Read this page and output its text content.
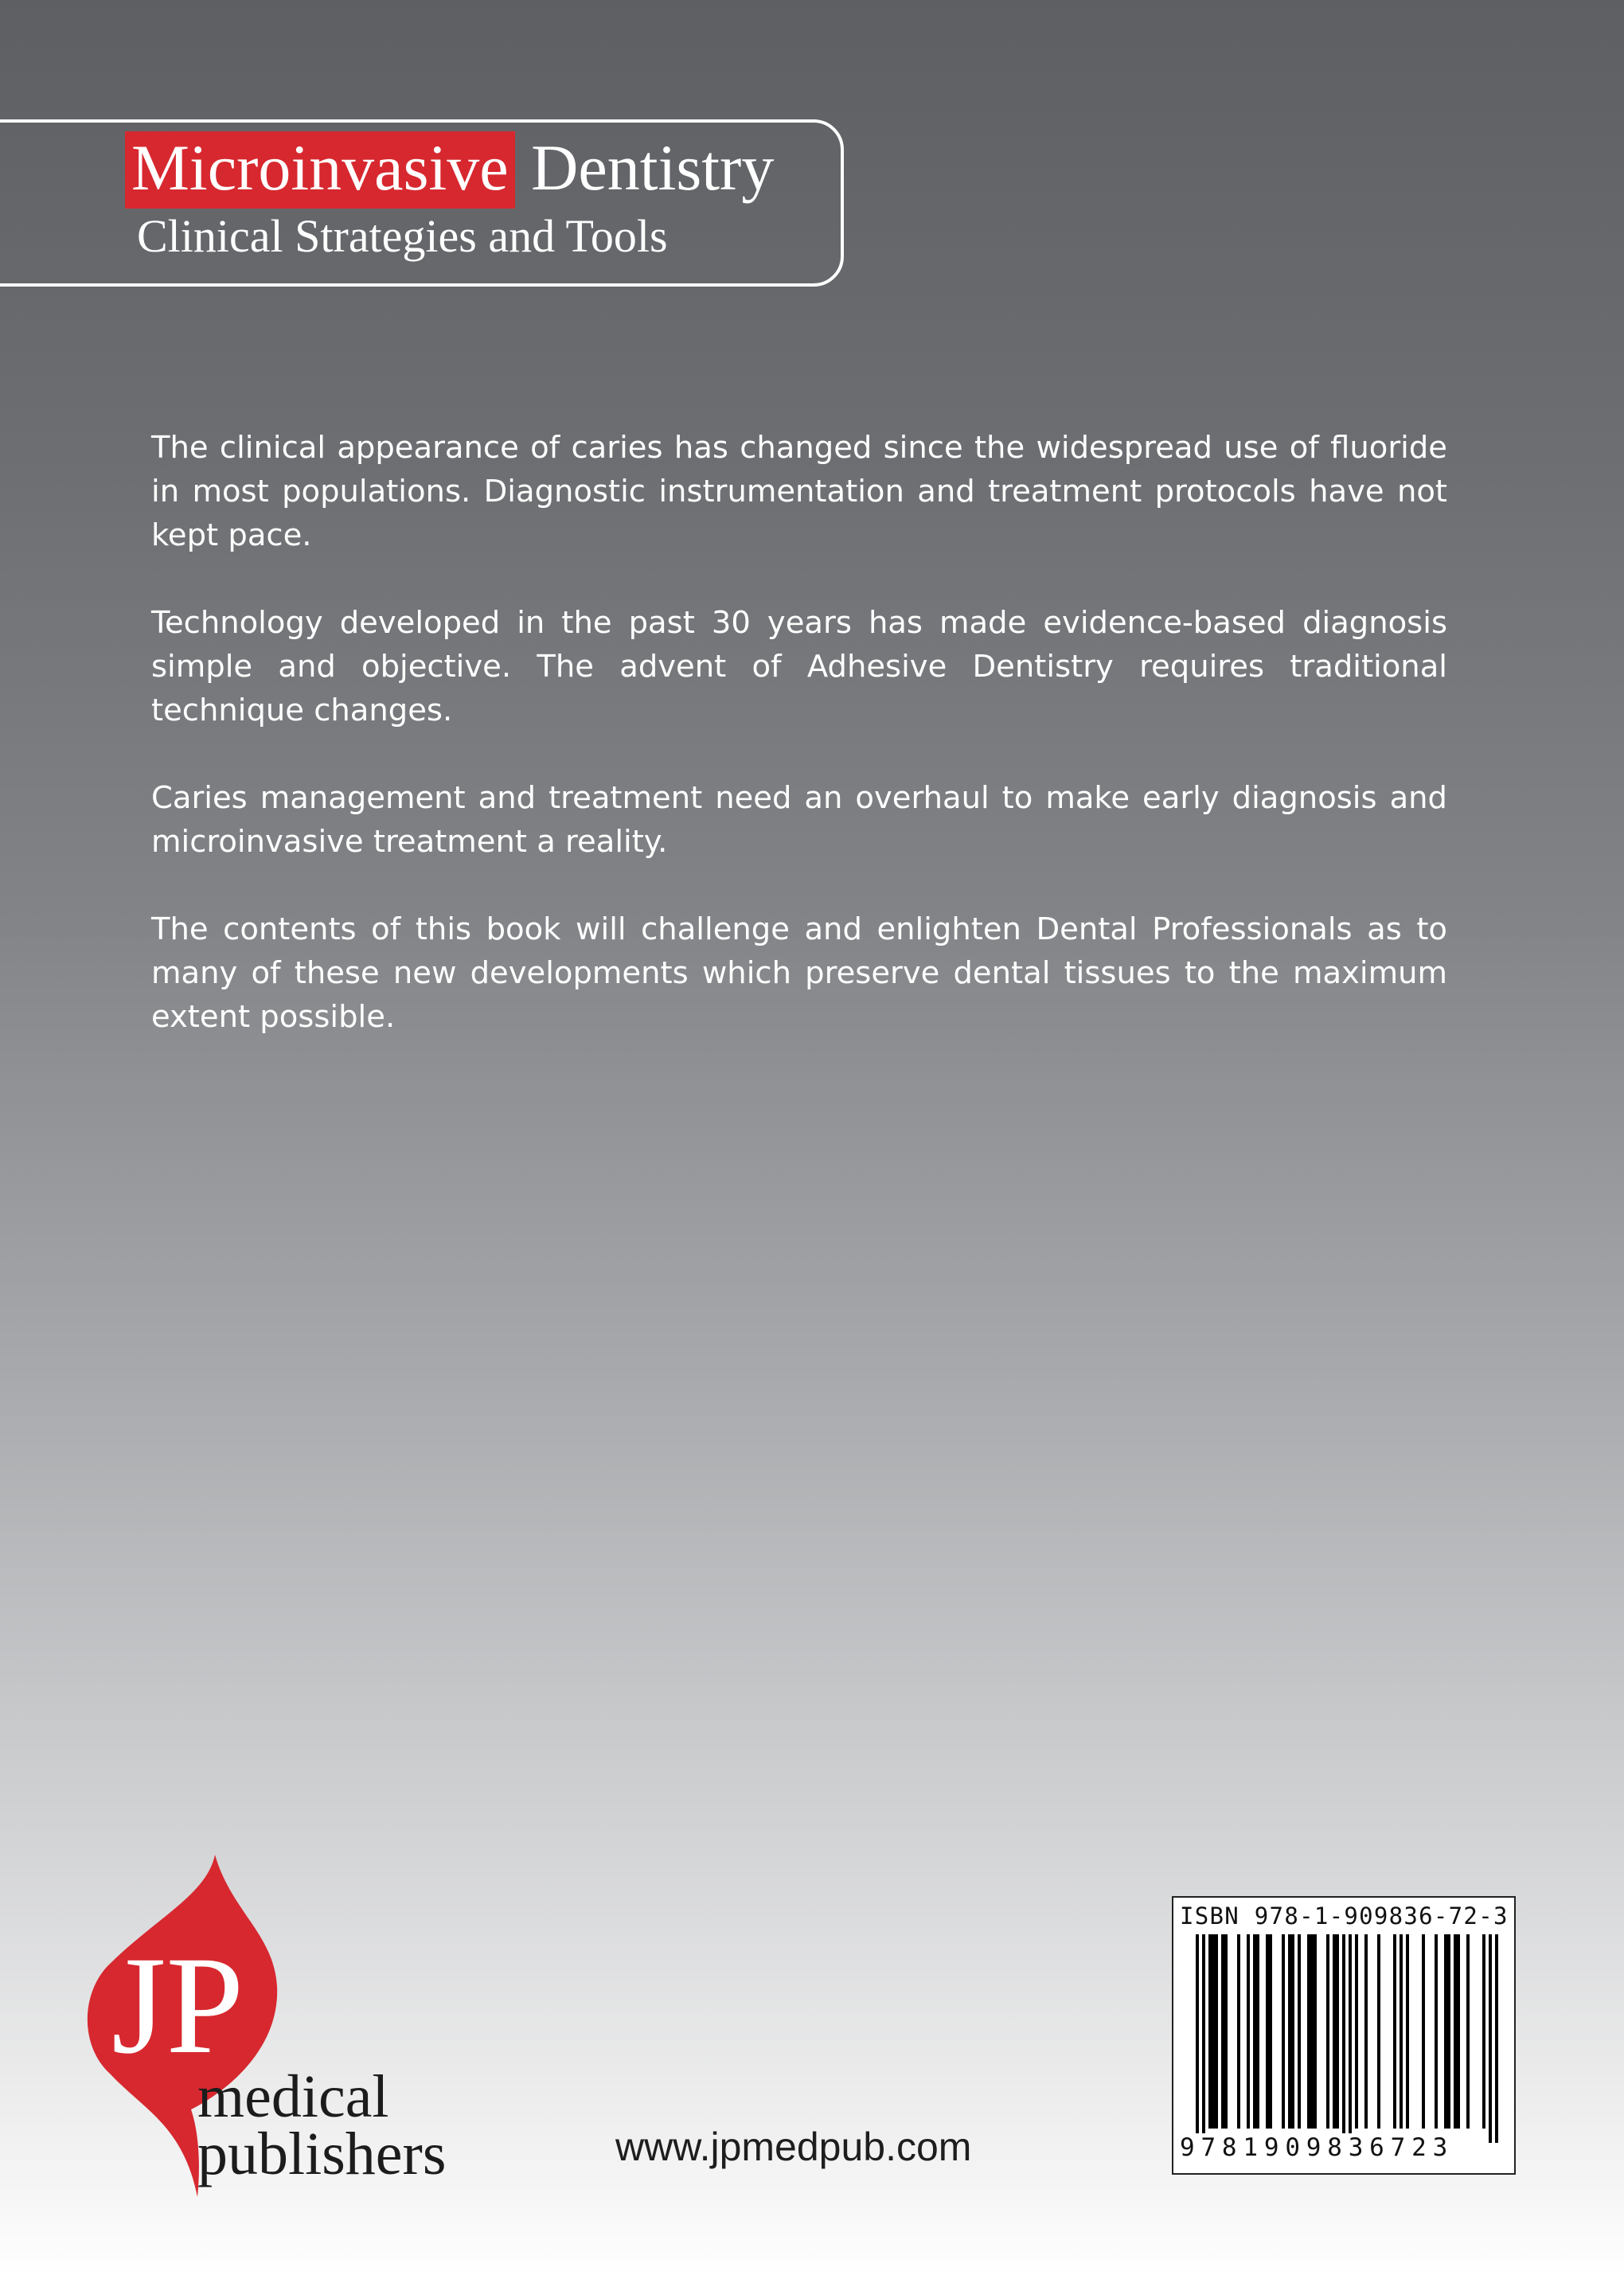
Microinvasive Dentistry
Clinical Strategies and Tools

The clinical appearance of caries has changed since the widespread use of fluoride in most populations. Diagnostic instrumentation and treatment protocols have not kept pace.

Technology developed in the past 30 years has made evidence-based diagnosis simple and objective. The advent of Adhesive Dentistry requires traditional technique changes.

Caries management and treatment need an overhaul to make early diagnosis and microinvasive treatment a reality.

The contents of this book will challenge and enlighten Dental Professionals as to many of these new developments which preserve dental tissues to the maximum extent possible.

JP
medical
publishers	www.jpmedpub.com
ISBN 978-1-909836-72-3
9781909836723
